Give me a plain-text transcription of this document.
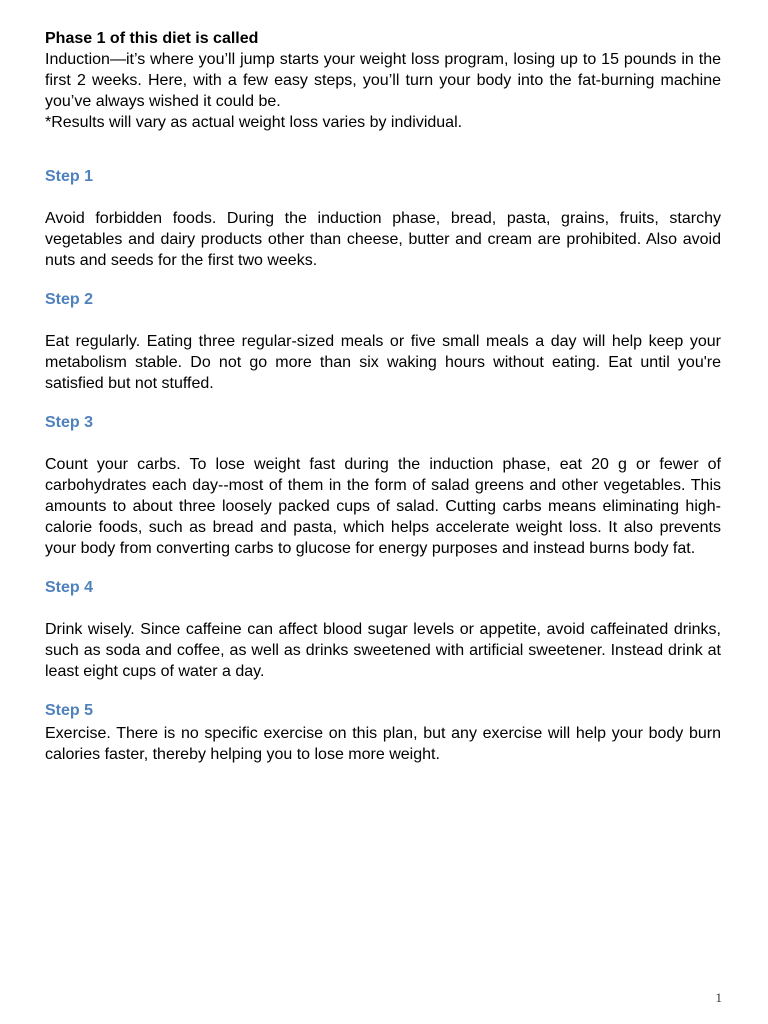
Phase 1 of this diet is called

Induction—it’s where you’ll jump starts your weight loss program, losing up to 15 pounds in the first 2 weeks. Here, with a few easy steps, you’ll turn your body into the fat-burning machine you’ve always wished it could be.

*Results will vary as actual weight loss varies by individual.

Step 1

Avoid forbidden foods. During the induction phase, bread, pasta, grains, fruits, starchy vegetables and dairy products other than cheese, butter and cream are prohibited. Also avoid nuts and seeds for the first two weeks.

Step 2

Eat regularly. Eating three regular-sized meals or five small meals a day will help keep your metabolism stable. Do not go more than six waking hours without eating. Eat until you're satisfied but not stuffed.

Step 3

Count your carbs. To lose weight fast during the induction phase, eat 20 g or fewer of carbohydrates each day--most of them in the form of salad greens and other vegetables. This amounts to about three loosely packed cups of salad. Cutting carbs means eliminating high-calorie foods, such as bread and pasta, which helps accelerate weight loss. It also prevents your body from converting carbs to glucose for energy purposes and instead burns body fat.

Step 4

Drink wisely. Since caffeine can affect blood sugar levels or appetite, avoid caffeinated drinks, such as soda and coffee, as well as drinks sweetened with artificial sweetener. Instead drink at least eight cups of water a day.

Step 5

Exercise. There is no specific exercise on this plan, but any exercise will help your body burn calories faster, thereby helping you to lose more weight.

1
